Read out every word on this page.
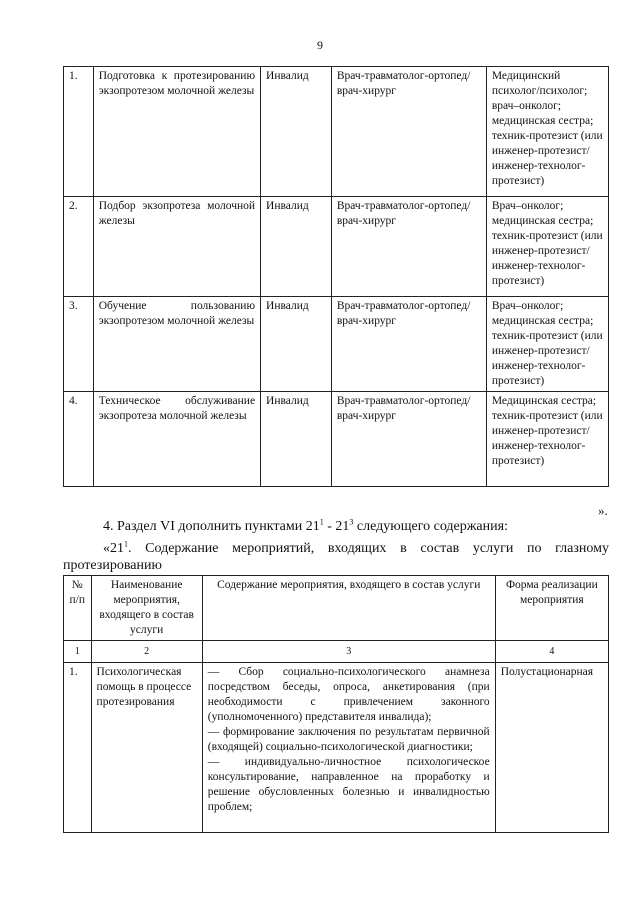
9
1.	Подготовка к протезированию экзопротезом молочной железы	Инвалид	Врач-травматолог-ортопед/врач-хирург	Медицинский психолог/психолог; врач–онколог; медицинская сестра; техник-протезист (или инженер-протезист/инженер-технолог-протезист)
2.	Подбор экзопротеза молочной железы	Инвалид	Врач-травматолог-ортопед/врач-хирург	Врач–онколог; медицинская сестра; техник-протезист (или инженер-протезист/инженер-технолог-протезист)
3.	Обучение пользованию экзопротезом молочной железы	Инвалид	Врач-травматолог-ортопед/врач-хирург	Врач–онколог; медицинская сестра; техник-протезист (или инженер-протезист/инженер-технолог-протезист)
4.	Техническое обслуживание экзопротеза молочной железы	Инвалид	Врач-травматолог-ортопед/врач-хирург	Медицинская сестра; техник-протезист (или инженер-протезист/инженер-технолог-протезист)
».
4. Раздел VI дополнить пунктами $21^1 - 21^3$ следующего содержания:
«$21^1$. Содержание мероприятий, входящих в состав услуги по глазному протезированию
№ п/п	Наименование мероприятия, входящего в состав услуги	Содержание мероприятия, входящего в состав услуги	Форма реализации мероприятия
1	2	3	4
1.	Психологическая помощь в процессе протезирования	— Сбор социально-психологического анамнеза посредством беседы, опроса, анкетирования (при необходимости с привлечением законного (уполномоченного) представителя инвалида);
— формирование заключения по результатам первичной (входящей) социально-психологической диагностики;
— индивидуально-личностное психологическое консультирование, направленное на проработку и решение обусловленных болезнью и инвалидностью проблем;	Полустационарная
